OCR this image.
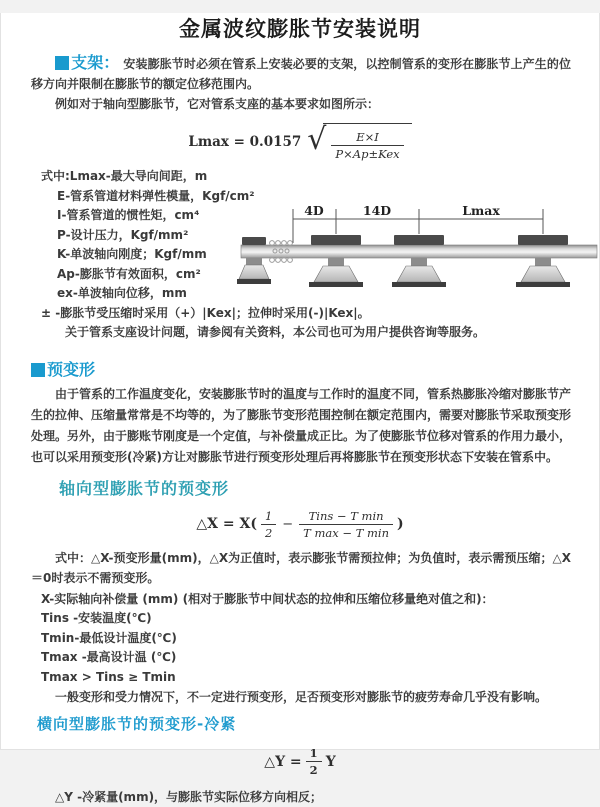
金属波纹膨胀节安装说明

支架： 安装膨胀节时必须在管系上安装必要的支架，以控制管系的变形在膨胀节上产生的位移方向并限制在膨胀节的额定位移范围内。

例如对于轴向型膨胀节，它对管系支座的基本要求如图所示：

Lmax = 0.0157 √ $\frac{E\times I}{\text{P×Ap±Kex}}$
式中:Lmax-最大导向间距，m
E-管系管道材料弹性模量，Kgf/cm²
I-管系管道的惯性矩，cm⁴
P-设计压力，Kgf/mm²
K-单波轴向刚度；Kgf/mm
Ap-膨胀节有效面积，cm²
ex-单波轴向位移，mm
± -膨胀节受压缩时采用（+）|Kex|；拉伸时采用(-)|Kex|。
关于管系支座设计问题，请参阅有关资料，本公司也可为用户提供咨询等服务。
4D	14D	Lmax
预变形

由于管系的工作温度变化，安装膨胀节时的温度与工作时的温度不同，管系热膨胀冷缩对膨胀节产生的拉伸、压缩量常常是不均等的，为了膨胀节变形范围控制在额定范围内，需要对膨胀节采取预变形处理。另外，由于膨账节刚度是一个定值，与补偿量成正比。为了使膨胀节位移对管系的作用力最小，也可以采用预变形(冷紧)方让对膨胀节进行预变形处理后再将膨胀节在预变形状态下安装在管系中。

轴向型膨胀节的预变形
△X = $X( \frac{1}{2} - \frac{\text{Tins − T min}}{\text{T max − T min}}$ )

式中：△X-预变形量(mm)，△X为正值时，表示膨张节需预拉伸；为负值时，表示需预压缩；△X＝0时表示不需预变形。

X-实际轴向补偿量 (mm) (相对于膨胀节中间状态的拉伸和压缩位移量绝对值之和)：
Tins -安装温度(℃)
Tmin-最低设计温度(℃)
Tmax -最高设计温 (℃)
Tmax > Tins ≥ Tmin

一般变形和受力情况下，不一定进行预变形，足否预变形对膨胀节的疲劳寿命几乎没有影响。

横向型膨胀节的预变形-冷紧
△Y = $\frac{1}{2}$ Y

△Y -冷紧量(mm)，与膨胀节实际位移方向相反；
